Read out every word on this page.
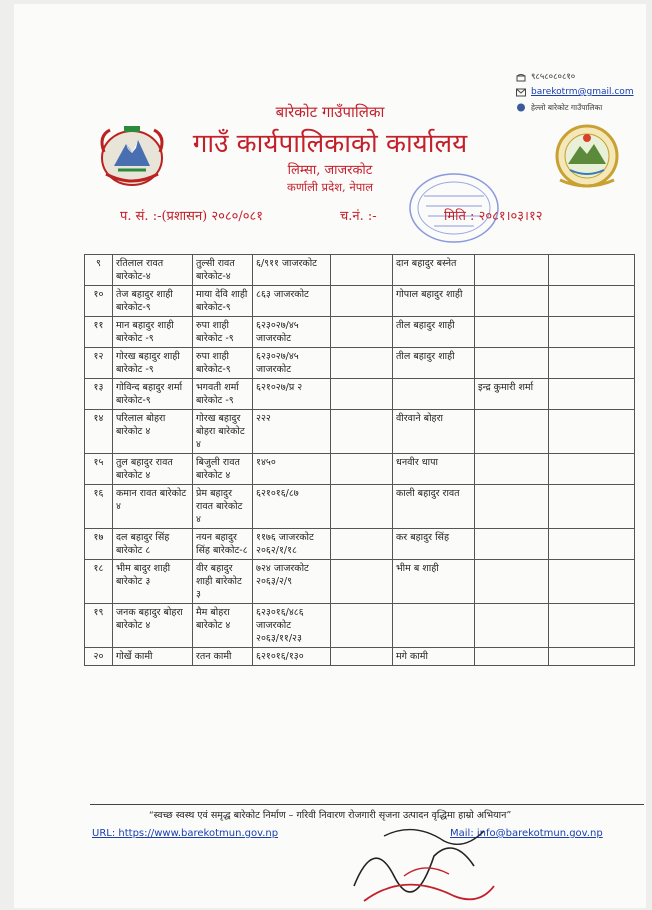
९८५८०८०८१०
barekotrm@gmail.com
हेल्लो बारेकोट गाउँपालिका
बारेकोट गाउँपालिका
गाउँ कार्यपालिकाको कार्यालय
लिम्सा, जाजरकोट
कर्णाली प्रदेश, नेपाल
प. सं. :-(प्रशासन) २०८०/०८१	च.नं. :-	मिति : २०८१।०३।१२
९	रतिलाल रावत बारेकोट-४	तुल्सी रावत बारेकोट-४	६/९११ जाजरकोट		दान बहादुर बस्नेत		
१०	तेज बहादुर शाही बारेकोट-९	माया देवि शाही बारेकोट-९	८६३ जाजरकोट		गोपाल बहादुर शाही		
११	मान बहादुर शाही बारेकोट -९	रुपा शाही बारेकोट -९	६२३०२७/४५ जाजरकोट		तील बहादुर शाही		
१२	गोरख बहादुर शाही बारेकोट -९	रुपा शाही बारेकोट-९	६२३०२७/४५ जाजरकोट		तील बहादुर शाही		
१३	गोविन्द बहादुर शर्मा बारेकोट-९	भगवती शर्मा बारेकोट -९	६२१०२७/प्र २			इन्द्र कुमारी शर्मा	
१४	परिलाल बोहरा बारेकोट ४	गोरख बहादुर बोहरा बारेकोट ४	२२२		वीरवाने बोहरा		
१५	तुल बहादुर रावत बारेकोट ४	बिजुली रावत बारेकोट ४	१४५०		धनवीर धापा		
१६	कमान रावत बारेकोट ४	प्रेम बहादुर रावत बारेकोट ४	६२१०१६/८७		काली बहादुर रावत		
१७	दल बहादुर सिंह बारेकोट ८	नयन बहादुर सिंह बारेकोट-८	११७६ जाजरकोट २०६२/१/१८		कर बहादुर सिंह		
१८	भीम बादुर शाही बारेकोट ३	वीर बहादुर शाही बारेकोट ३	७२४ जाजरकोट २०६३/२/९		भीम ब शाही		
१९	जनक बहादुर बोहरा बारेकोट ४	मैम बोहरा बारेकोट ४	६२३०१६/४८६ जाजरकोट २०६३/११/२३				
२०	गोर्खे कामी	रतन कामी	६२१०१६/१३०		मगे कामी		
“स्वच्छ स्वस्थ एवं समृद्ध बारेकोट निर्माण – गरिवी निवारण रोजगारी सृजना उत्पादन वृद्धिमा हाम्रो अभियान”
URL: https://www.barekotmun.gov.np	Mail: info@barekotmun.gov.np
